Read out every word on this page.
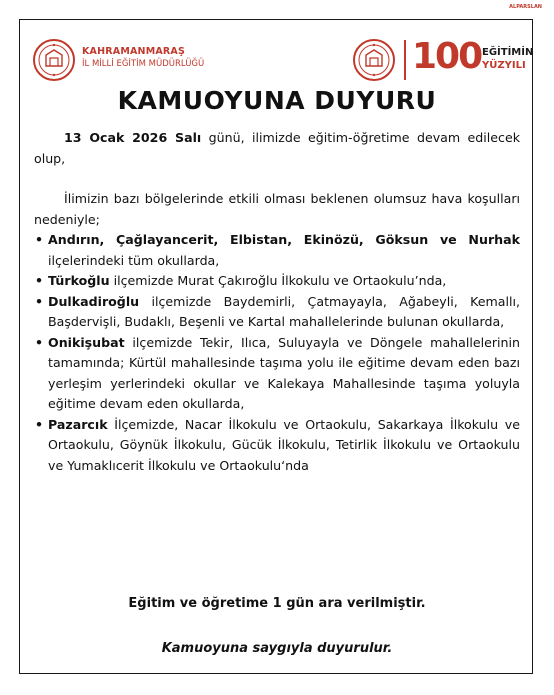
ALPARSLAN
KAHRAMANMARAŞ
İL MİLLİ EĞİTİM MÜDÜRLÜĞÜ	100 EĞİTİMİN
YÜZYILI
KAMUOYUNA DUYURU

13 Ocak 2026 Salı günü, ilimizde eğitim-öğretime devam edilecek olup,

İlimizin bazı bölgelerinde etkili olması beklenen olumsuz hava koşulları nedeniyle;

• Andırın, Çağlayancerit, Elbistan, Ekinözü, Göksun ve Nurhak ilçelerindeki tüm okullarda,
• Türkoğlu ilçemizde Murat Çakıroğlu İlkokulu ve Ortaokulu’nda,
• Dulkadiroğlu ilçemizde Baydemirli, Çatmayayla, Ağabeyli, Kemallı, Başdervişli, Budaklı, Beşenli ve Kartal mahallelerinde bulunan okullarda,
• Onikişubat ilçemizde Tekir, Ilıca, Suluyayla ve Döngele mahallelerinin tamamında; Kürtül mahallesinde taşıma yolu ile eğitime devam eden bazı yerleşim yerlerindeki okullar ve Kalekaya Mahallesinde taşıma yoluyla eğitime devam eden okullarda,
• Pazarcık İlçemizde, Nacar İlkokulu ve Ortaokulu, Sakarkaya İlkokulu ve Ortaokulu, Göynük İlkokulu, Gücük İlkokulu, Tetirlik İlkokulu ve Ortaokulu ve Yumaklıcerit İlkokulu ve Ortaokulu‘nda
Eğitim ve öğretime 1 gün ara verilmiştir.
Kamuoyuna saygıyla duyurulur.
